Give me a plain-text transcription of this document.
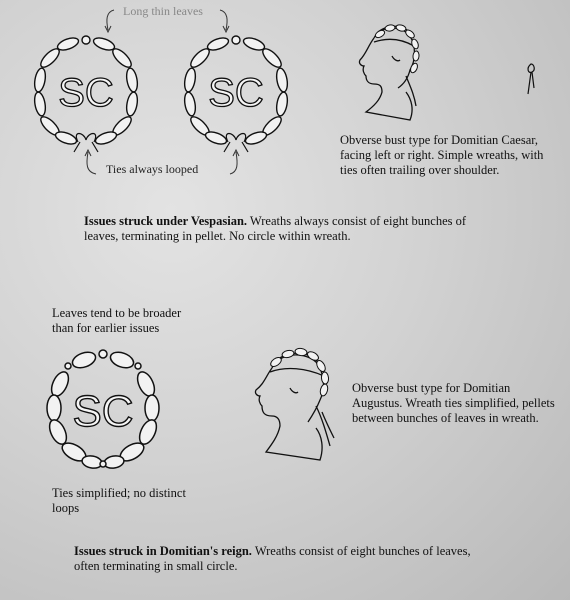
Long thin leaves
SC SC
Ties always looped
Obverse bust type for Domitian Caesar,
facing left or right. Simple wreaths, with
ties often trailing over shoulder.
Issues struck under Vespasian. Wreaths always consist of eight bunches of
leaves, terminating in pellet. No circle within wreath.
Leaves tend to be broader
than for earlier issues
SC	Obverse bust type for Domitian
Augustus. Wreath ties simplified, pellets
between bunches of leaves in wreath.
Ties simplified; no distinct
loops
Issues struck in Domitian's reign. Wreaths consist of eight bunches of leaves,
often terminating in small circle.
